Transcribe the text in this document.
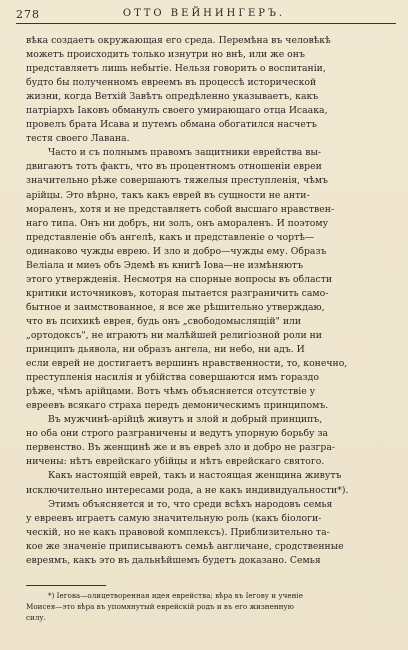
278	ОТТО ВЕЙНИНГЕРЪ.
вѣка создаетъ окружающая его среда. Перемѣна въ человѣкѣ
можетъ происходить только изнутри но внѣ, или же онъ
представляетъ лишь небытіе. Нельзя говорить о воспитаніи,
будто бы полученномъ евреемъ въ процессѣ исторической
жизни, когда Ветхій Завѣтъ опредѣленно указываетъ, какъ
патріархъ Іаковъ обманулъ своего умирающаго отца Исаака,
провелъ брата Исава и путемъ обмана обогатился насчетъ
тестя своего Лавана.
Часто и съ полнымъ правомъ защитники еврейства вы-
двигаютъ тотъ фактъ, что въ процентномъ отношеніи евреи
значительно рѣже совершаютъ тяжелыя преступленія, чѣмъ
арійцы. Это вѣрно, такъ какъ еврей въ сущности не анти-
моралeнъ, хотя и не представляетъ собой высшаго нравствен-
наго типа. Онъ ни добръ, ни золъ, онъ аморалeнъ. И поэтому
представленіе объ ангелѣ, какъ и представленіе о чортѣ—
одинаково чужды еврею. И зло и добро—чужды ему. Образъ
Веліала и миѳъ объ Эдемѣ въ книгѣ Іова—не измѣняютъ
этого утвержденія. Несмотря на спорные вопросы въ области
критики источниковъ, которая пытается разграничить само-
бытное и заимствованное, я все же рѣшительно утверждаю,
что въ психикѣ еврея, будь онъ „свободомыслящій" или
„ортодоксъ", не играютъ ни малѣйшей религіозной роли ни
принципъ дьявола, ни образъ ангела, ни небо, ни адъ. И
если еврей не достигаетъ вершинъ нравственности, то, конечно,
преступленія насилія и убійства совершаются имъ гораздо
рѣже, чѣмъ арійцами. Вотъ чѣмъ объясняется отсутствіе у
евреевъ всякаго страха передъ демоническимъ принципомъ.
Въ мужчинѣ-арійцѣ живутъ и злой и добрый принципъ,
но оба они строго разграничены и ведутъ упорную борьбу за
первенство. Въ женщинѣ же и въ евреѣ зло и добро не разгра-
ничены: нѣтъ еврейскаго убійцы и нѣтъ еврейскаго святого.
Какъ настоящій еврей, такъ и настоящая женщина живутъ
исключительно интересами рода, а не какъ индивидуальности*).
Этимъ объясняется и то, что среди всѣхъ народовъ семья
у евреевъ играетъ самую значительную роль (какъ біологи-
ческій, но не какъ правовой комплексъ). Приблизительно та-
кое же значеніе приписываютъ семьѣ англичане, сродственные
евреямъ, какъ это въ дальнѣйшемъ будетъ доказано. Семья
*) Іегова—олицетворенная идея еврейства; вѣра въ Іегову и ученіе
Моисея—это вѣра въ упомянутый еврейскій родъ и въ его жизненную
силу.
